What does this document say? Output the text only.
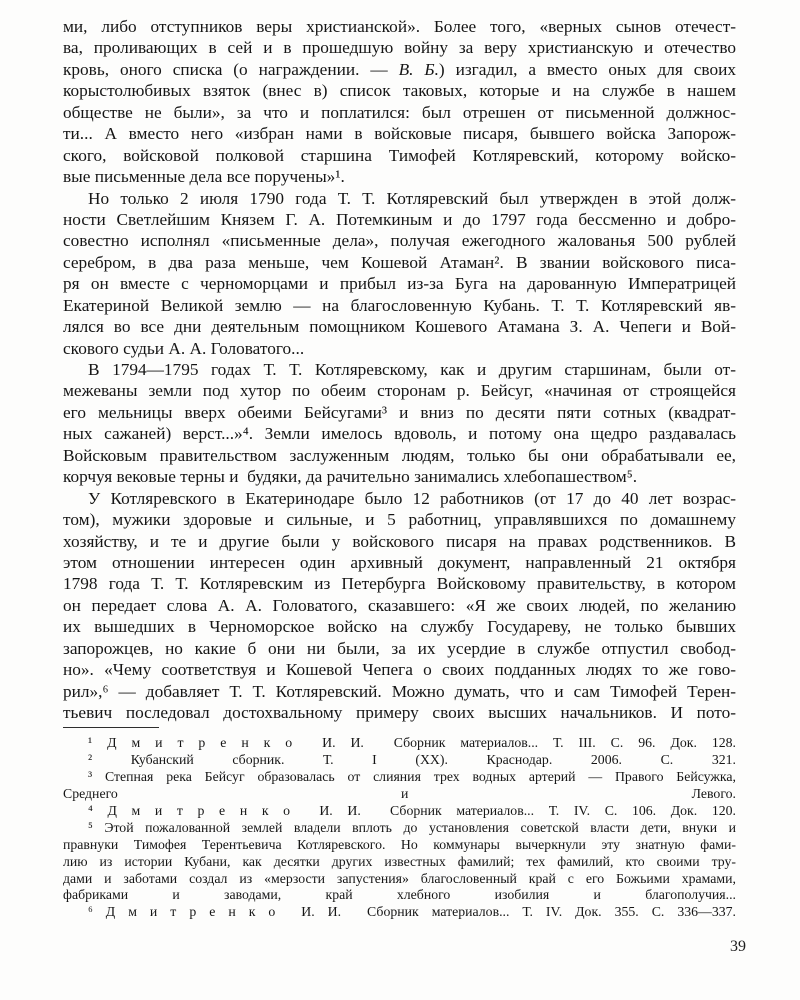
ми, либо отступников веры христианской». Более того, «верных сынов отечест-
ва, проливающих в сей и в прошедшую войну за веру христианскую и отечество
кровь, оного списка (о награждении. — В. Б.) изгадил, а вместо оных для своих
корыстолюбивых взяток (внес в) список таковых, которые и на службе в нашем
обществе не были», за что и поплатился: был отрешен от письменной должнос-
ти... А вместо него «избран нами в войсковые писаря, бывшего войска Запорож-
ского, войсковой полковой старшина Тимофей Котляревский, которому войско-
вые письменные дела все поручены»¹.
Но только 2 июля 1790 года Т. Т. Котляревский был утвержден в этой долж-
ности Светлейшим Князем Г. А. Потемкиным и до 1797 года бессменно и добро-
совестно исполнял «письменные дела», получая ежегодного жалованья 500 рублей
серебром, в два раза меньше, чем Кошевой Атаман². В звании войскового писа-
ря он вместе с черноморцами и прибыл из-за Буга на дарованную Императрицей
Екатериной Великой землю — на благословенную Кубань. Т. Т. Котляревский яв-
лялся во все дни деятельным помощником Кошевого Атамана З. А. Чепеги и Вой-
скового судьи А. А. Головатого...
В 1794—1795 годах Т. Т. Котляревскому, как и другим старшинам, были от-
межеваны земли под хутор по обеим сторонам р. Бейсуг, «начиная от строящейся
его мельницы вверх обеими Бейсугами³ и вниз по десяти пяти сотных (квадрат-
ных сажаней) верст...»⁴. Земли имелось вдоволь, и потому она щедро раздавалась
Войсковым правительством заслуженным людям, только бы они обрабатывали ее,
корчуя вековые терны и  будяки, да рачительно занимались хлебопашеством⁵.
У Котляревского в Екатеринодаре было 12 работников (от 17 до 40 лет возрас-
том), мужики здоровые и сильные, и 5 работниц, управлявшихся по домашнему
хозяйству, и те и другие были у войскового писаря на правах родственников. В
этом отношении интересен один архивный документ, направленный 21 октября
1798 года Т. Т. Котляревским из Петербурга Войсковому правительству, в котором
он передает слова А. А. Головатого, сказавшего: «Я же своих людей, по желанию
их вышедших в Черноморское войско на службу Государеву, не только бывших
запорожцев, но какие б они ни были, за их усердие в службе отпустил свобод-
но». «Чему соответствуя и Кошевой Чепега о своих подданных людях то же гово-
рил»,⁶ — добавляет Т. Т. Котляревский. Можно думать, что и сам Тимофей Терен-
тьевич последовал достохвальному примеру своих высших начальников. И пото-
¹ Д м и т р е н к о  И. И.  Сборник материалов... Т. III. С. 96. Док. 128.
² Кубанский сборник. Т. I (XX). Краснодар. 2006. С. 321.
³ Степная река Бейсуг образовалась от слияния трех водных артерий — Правого Бейсужка,
Среднего и Левого.
⁴ Д м и т р е н к о  И. И.  Сборник материалов... Т. IV. С. 106. Док. 120.
⁵ Этой пожалованной землей владели вплоть до установления советской власти дети, внуки и
правнуки Тимофея Терентьевича Котляревского. Но коммунары вычеркнули эту знатную фами-
лию из истории Кубани, как десятки других известных фамилий; тех фамилий, кто своими тру-
дами и заботами создал из «мерзости запустения» благословенный край с его Божьими храмами,
фабриками и заводами, край хлебного изобилия и благополучия...
⁶ Д м и т р е н к о  И. И.  Сборник материалов... Т. IV. Док. 355. С. 336—337.
39
